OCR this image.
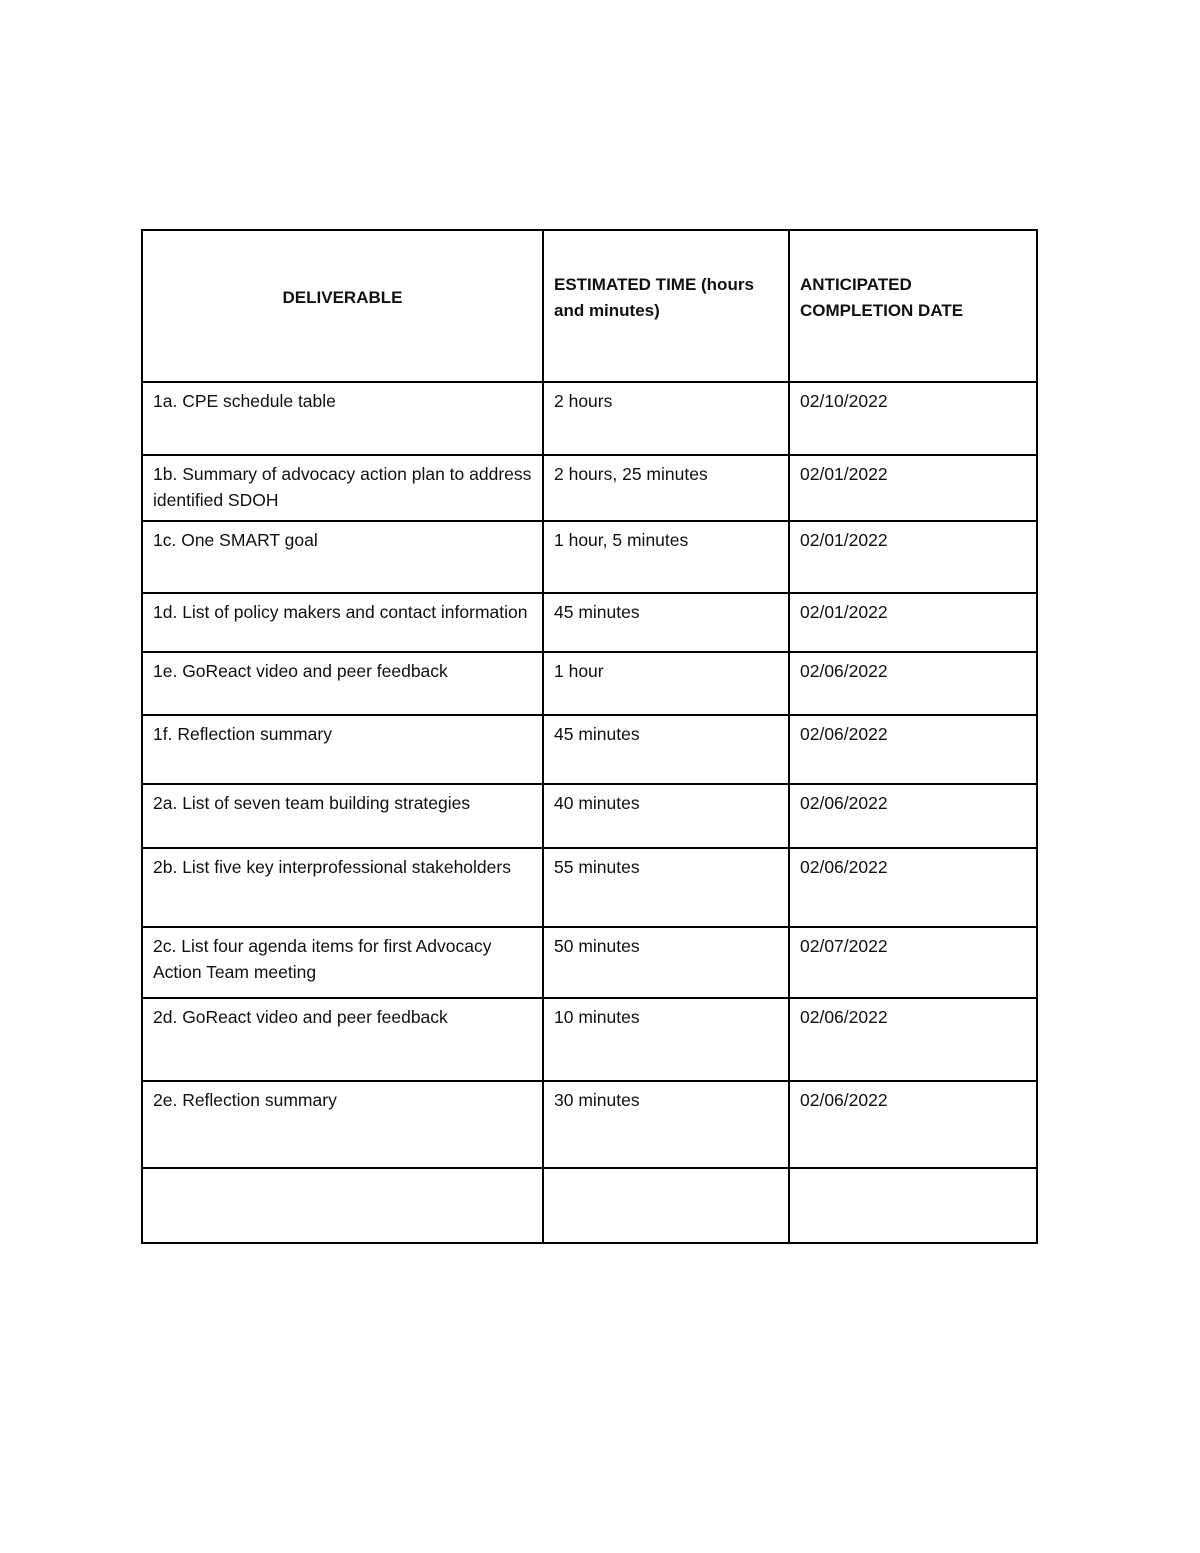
DELIVERABLE	ESTIMATED TIME (hours and minutes)	ANTICIPATED COMPLETION DATE
1a. CPE schedule table	2 hours	02/10/2022
1b. Summary of advocacy action plan to address identified SDOH	2 hours, 25 minutes	02/01/2022
1c. One SMART goal	1 hour, 5 minutes	02/01/2022
1d. List of policy makers and contact information	45 minutes	02/01/2022
1e. GoReact video and peer feedback	1 hour	02/06/2022
1f. Reflection summary	45 minutes	02/06/2022
2a. List of seven team building strategies	40 minutes	02/06/2022
2b. List five key interprofessional stakeholders	55 minutes	02/06/2022
2c. List four agenda items for first Advocacy Action Team meeting	50 minutes	02/07/2022
2d. GoReact video and peer feedback	10 minutes	02/06/2022
2e. Reflection summary	30 minutes	02/06/2022
